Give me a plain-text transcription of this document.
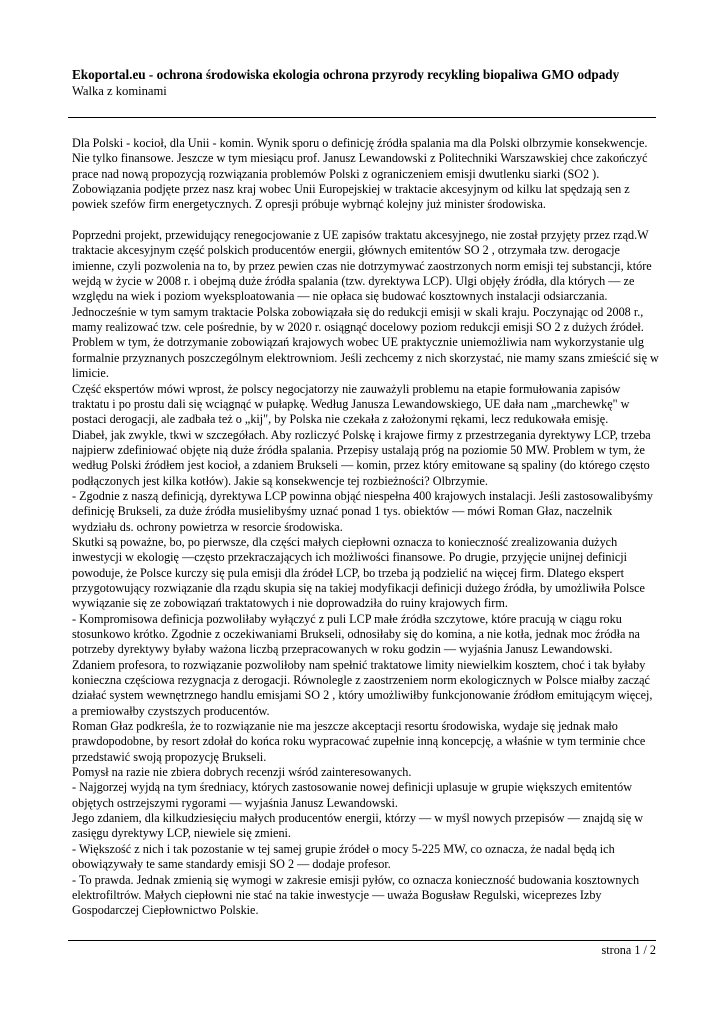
Ekoportal.eu - ochrona środowiska ekologia ochrona przyrody recykling biopaliwa GMO odpady
Walka z kominami

Dla Polski - kocioł, dla Unii - komin. Wynik sporu o definicję źródła spalania ma dla Polski olbrzymie konsekwencje.

Nie tylko finansowe. Jeszcze w tym miesiącu prof. Janusz Lewandowski z Politechniki Warszawskiej chce zakończyć

prace nad nową propozycją rozwiązania problemów Polski z ograniczeniem emisji dwutlenku siarki (SO2 ).

Zobowiązania podjęte przez nasz kraj wobec Unii Europejskiej w traktacie akcesyjnym od kilku lat spędzają sen z

powiek szefów firm energetycznych. Z opresji próbuje wybrnąć kolejny już minister środowiska.

Poprzedni projekt, przewidujący renegocjowanie z UE zapisów traktatu akcesyjnego, nie został przyjęty przez rząd.W

traktacie akcesyjnym część polskich producentów energii, głównych emitentów SO 2 , otrzymała tzw. derogacje

imienne, czyli pozwolenia na to, by przez pewien czas nie dotrzymywać zaostrzonych norm emisji tej substancji, które

wejdą w życie w 2008 r. i obejmą duże źródła spalania (tzw. dyrektywa LCP). Ulgi objęły źródła, dla których — ze

względu na wiek i poziom wyeksploatowania — nie opłaca się budować kosztownych instalacji odsiarczania.

Jednocześnie w tym samym traktacie Polska zobowiązała się do redukcji emisji w skali kraju. Poczynając od 2008 r.,

mamy realizować tzw. cele pośrednie, by w 2020 r. osiągnąć docelowy poziom redukcji emisji SO 2 z dużych źródeł.

Problem w tym, że dotrzymanie zobowiązań krajowych wobec UE praktycznie uniemożliwia nam wykorzystanie ulg

formalnie przyznanych poszczególnym elektrowniom. Jeśli zechcemy z nich skorzystać, nie mamy szans zmieścić się w

limicie.

Część ekspertów mówi wprost, że polscy negocjatorzy nie zauważyli problemu na etapie formułowania zapisów

traktatu i po prostu dali się wciągnąć w pułapkę. Według Janusza Lewandowskiego, UE dała nam „marchewkę" w

postaci derogacji, ale zadbała też o „kij", by Polska nie czekała z założonymi rękami, lecz redukowała emisję.

Diabeł, jak zwykle, tkwi w szczegółach. Aby rozliczyć Polskę i krajowe firmy z przestrzegania dyrektywy LCP, trzeba

najpierw zdefiniować objęte nią duże źródła spalania. Przepisy ustalają próg na poziomie 50 MW. Problem w tym, że

według Polski źródłem jest kocioł, a zdaniem Brukseli — komin, przez który emitowane są spaliny (do którego często

podłączonych jest kilka kotłów). Jakie są konsekwencje tej rozbieżności? Olbrzymie.

- Zgodnie z naszą definicją, dyrektywa LCP powinna objąć niespełna 400 krajowych instalacji. Jeśli zastosowalibyśmy

definicję Brukseli, za duże źródła musielibyśmy uznać ponad 1 tys. obiektów — mówi Roman Głaz, naczelnik

wydziału ds. ochrony powietrza w resorcie środowiska.

Skutki są poważne, bo, po pierwsze, dla części małych ciepłowni oznacza to konieczność zrealizowania dużych

inwestycji w ekologię —często przekraczających ich możliwości finansowe. Po drugie, przyjęcie unijnej definicji

powoduje, że Polsce kurczy się pula emisji dla źródeł LCP, bo trzeba ją podzielić na więcej firm. Dlatego ekspert

przygotowujący rozwiązanie dla rządu skupia się na takiej modyfikacji definicji dużego źródła, by umożliwiła Polsce

wywiązanie się ze zobowiązań traktatowych i nie doprowadziła do ruiny krajowych firm.

- Kompromisowa definicja pozwoliłaby wyłączyć z puli LCP małe źródła szczytowe, które pracują w ciągu roku

stosunkowo krótko. Zgodnie z oczekiwaniami Brukseli, odnosiłaby się do komina, a nie kotła, jednak moc źródła na

potrzeby dyrektywy byłaby ważona liczbą przepracowanych w roku godzin — wyjaśnia Janusz Lewandowski.

Zdaniem profesora, to rozwiązanie pozwoliłoby nam spełnić traktatowe limity niewielkim kosztem, choć i tak byłaby

konieczna częściowa rezygnacja z derogacji. Równolegle z zaostrzeniem norm ekologicznych w Polsce miałby zacząć

działać system wewnętrznego handlu emisjami SO 2 , który umożliwiłby funkcjonowanie źródłom emitującym więcej,

a premiowałby czystszych producentów.

Roman Głaz podkreśla, że to rozwiązanie nie ma jeszcze akceptacji resortu środowiska, wydaje się jednak mało

prawdopodobne, by resort zdołał do końca roku wypracować zupełnie inną koncepcję, a właśnie w tym terminie chce

przedstawić swoją propozycję Brukseli.

Pomysł na razie nie zbiera dobrych recenzji wśród zainteresowanych.

- Najgorzej wyjdą na tym średniacy, których zastosowanie nowej definicji uplasuje w grupie większych emitentów

objętych ostrzejszymi rygorami — wyjaśnia Janusz Lewandowski.

Jego zdaniem, dla kilkudziesięciu małych producentów energii, którzy — w myśl nowych przepisów — znajdą się w

zasięgu dyrektywy LCP, niewiele się zmieni.

- Większość z nich i tak pozostanie w tej samej grupie źródeł o mocy 5-225 MW, co oznacza, że nadal będą ich

obowiązywały te same standardy emisji SO 2 — dodaje profesor.

- To prawda. Jednak zmienią się wymogi w zakresie emisji pyłów, co oznacza konieczność budowania kosztownych

elektrofiltrów. Małych ciepłowni nie stać na takie inwestycje — uważa Bogusław Regulski, wiceprezes Izby

Gospodarczej Ciepłownictwo Polskie.

strona 1 / 2
